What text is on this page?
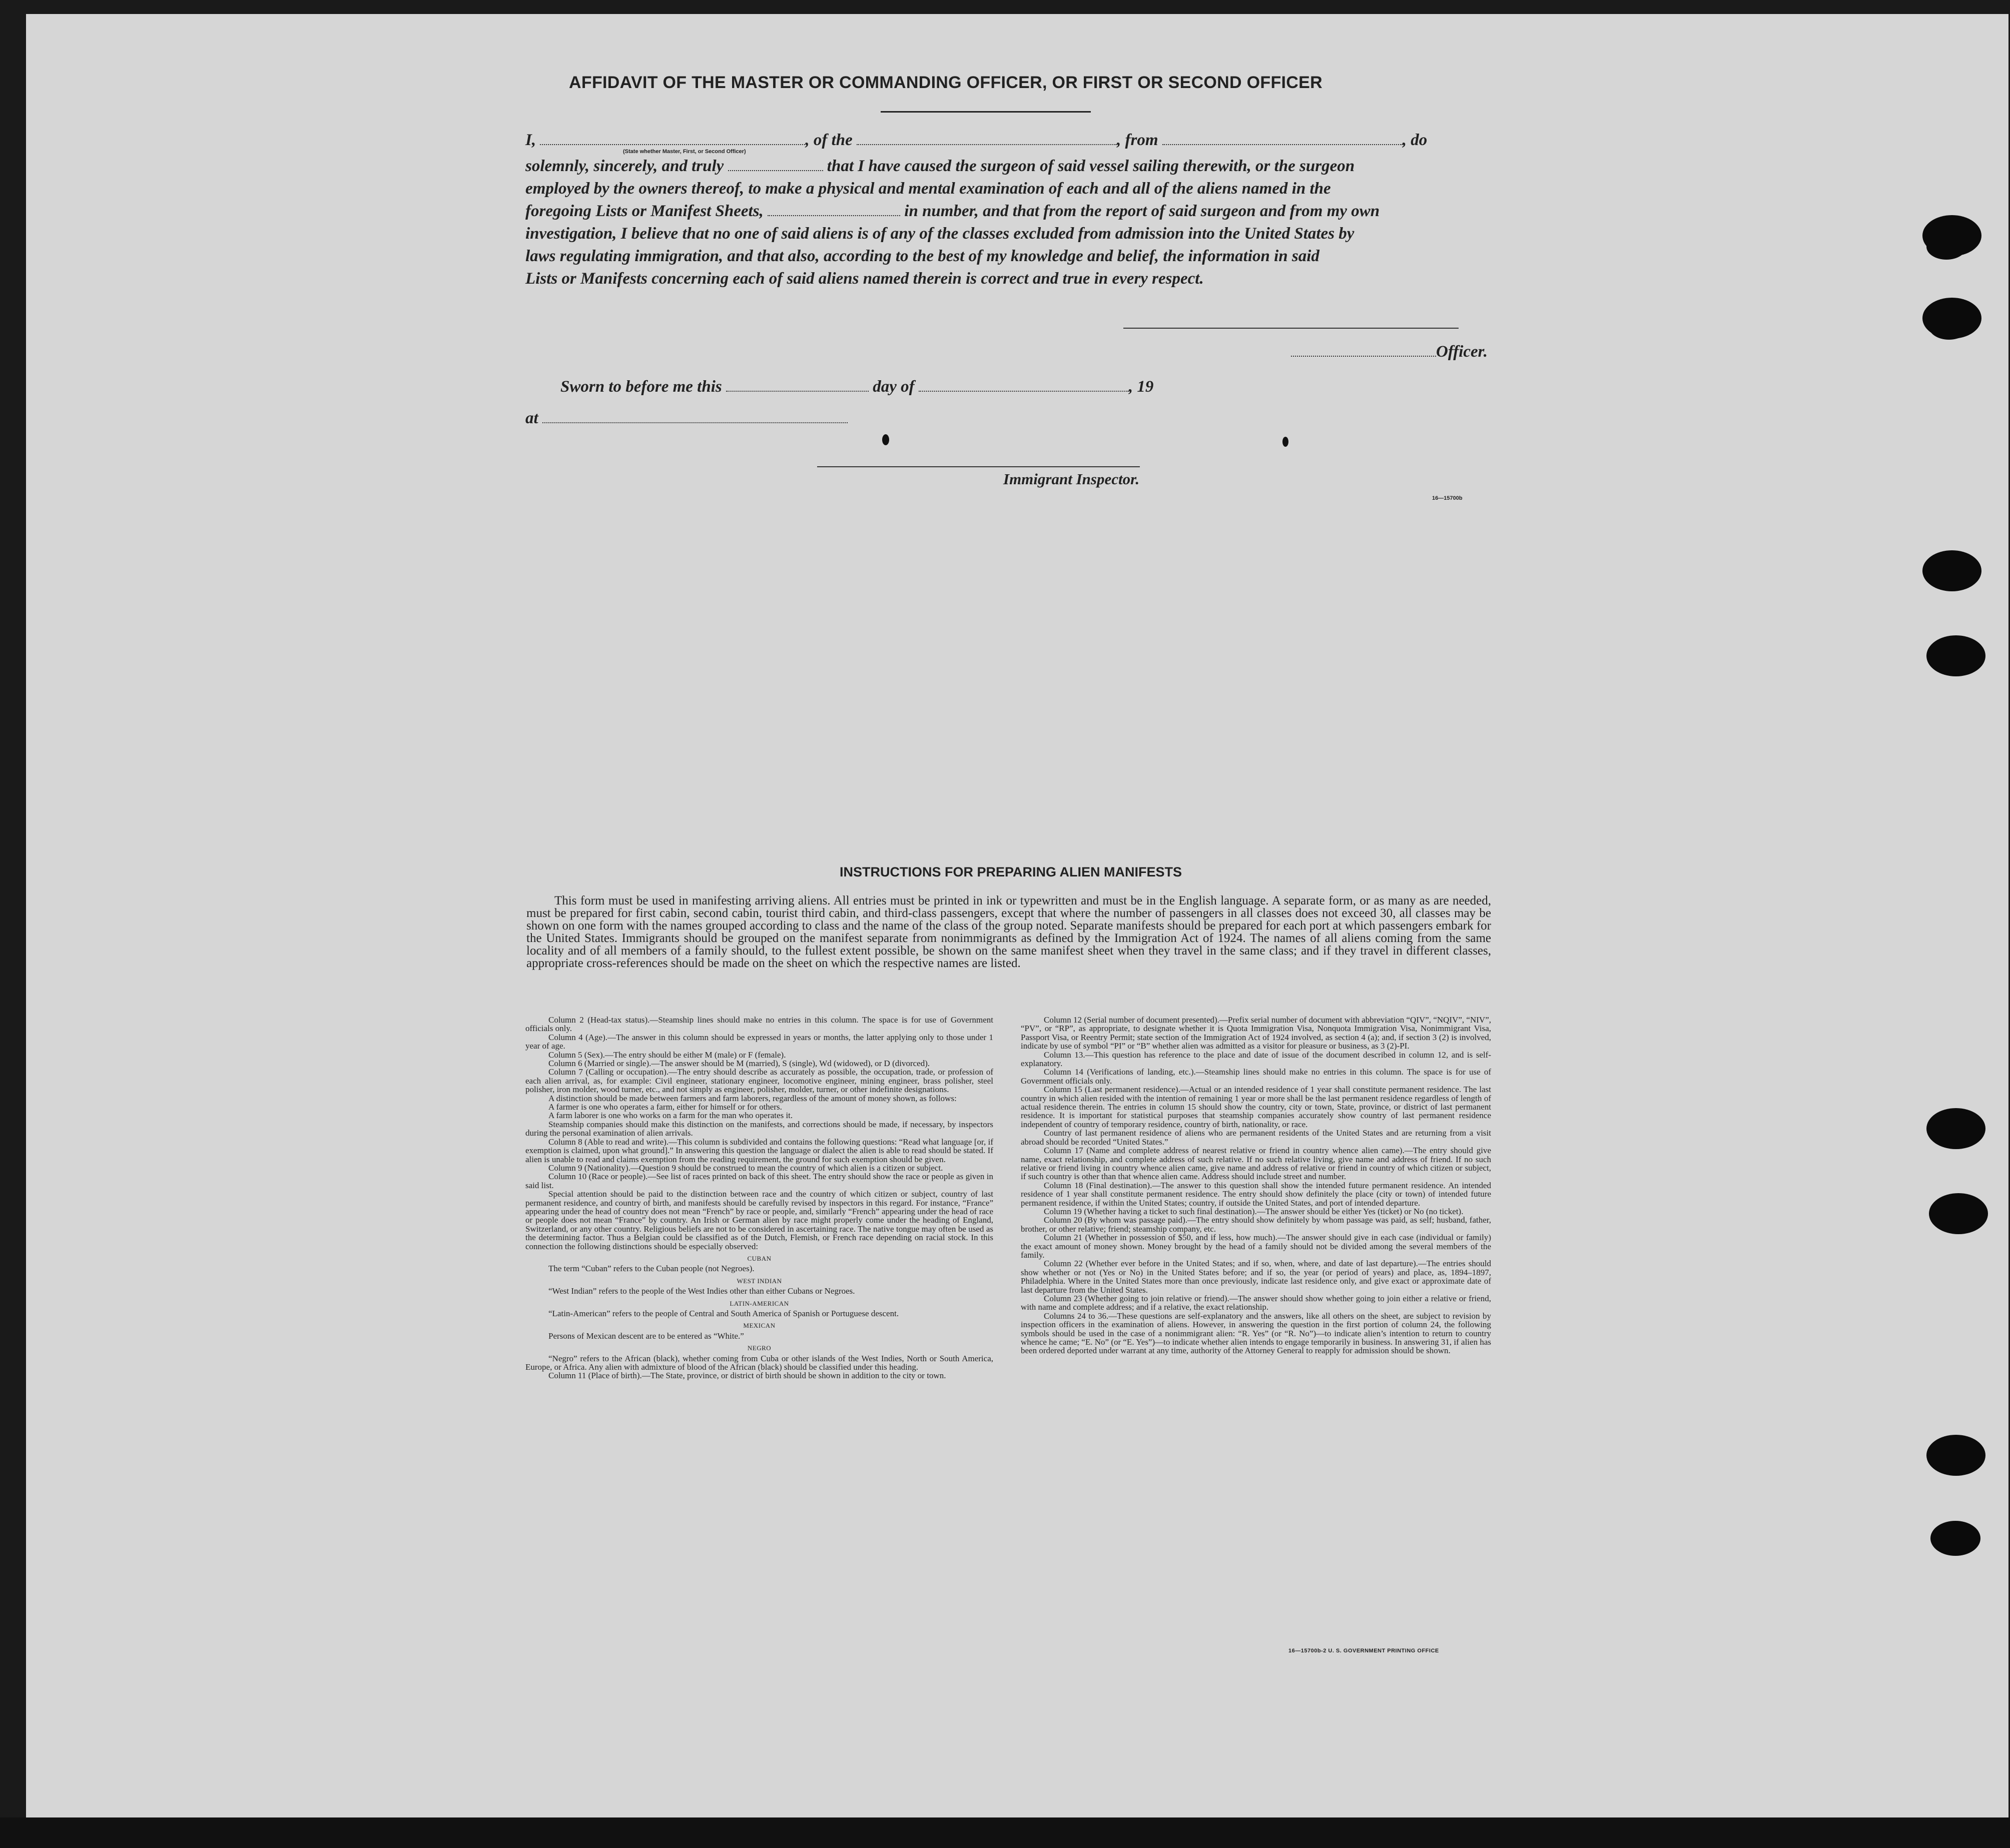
AFFIDAVIT OF THE MASTER OR COMMANDING OFFICER, OR FIRST OR SECOND OFFICER
I,	, of the	, from	, do
(State whether Master, First, or Second Officer)
solemnly, sincerely, and truly	that I have caused the surgeon of said vessel sailing therewith, or the surgeon
employed by the owners thereof, to make a physical and mental examination of each and all of the aliens named in the
foregoing Lists or Manifest Sheets,	in number, and that from the report of said surgeon and from my own
investigation, I believe that no one of said aliens is of any of the classes excluded from admission into the United States by
laws regulating immigration, and that also, according to the best of my knowledge and belief, the information in said
Lists or Manifests concerning each of said aliens named therein is correct and true in every respect.
Officer.
Sworn to before me this	day of	, 19
at
Immigrant Inspector.
16—15700b
INSTRUCTIONS FOR PREPARING ALIEN MANIFESTS

This form must be used in manifesting arriving aliens. All entries must be printed in ink or typewritten and must be in the English language. A separate form, or as many as are needed, must be prepared for first cabin, second cabin, tourist third cabin, and third-class passengers, except that where the number of passengers in all classes does not exceed 30, all classes may be shown on one form with the names grouped according to class and the name of the class of the group noted. Separate manifests should be prepared for each port at which passengers embark for the United States. Immigrants should be grouped on the manifest separate from nonimmigrants as defined by the Immigration Act of 1924. The names of all aliens coming from the same locality and of all members of a family should, to the fullest extent possible, be shown on the same manifest sheet when they travel in the same class; and if they travel in different classes, appropriate cross-references should be made on the sheet on which the respective names are listed.

Column 2 (Head-tax status).—Steamship lines should make no entries in this column. The space is for use of Government officials only.

Column 4 (Age).—The answer in this column should be expressed in years or months, the latter applying only to those under 1 year of age.

Column 5 (Sex).—The entry should be either M (male) or F (female).

Column 6 (Married or single).—The answer should be M (married), S (single), Wd (widowed), or D (divorced).

Column 7 (Calling or occupation).—The entry should describe as accurately as possible, the occupation, trade, or profession of each alien arrival, as, for example: Civil engineer, stationary engineer, locomotive engineer, mining engineer, brass polisher, steel polisher, iron molder, wood turner, etc., and not simply as engineer, polisher, molder, turner, or other indefinite designations.

A distinction should be made between farmers and farm laborers, regardless of the amount of money shown, as follows:

A farmer is one who operates a farm, either for himself or for others.

A farm laborer is one who works on a farm for the man who operates it.

Steamship companies should make this distinction on the manifests, and corrections should be made, if necessary, by inspectors during the personal examination of alien arrivals.

Column 8 (Able to read and write).—This column is subdivided and contains the following questions: “Read what language [or, if exemption is claimed, upon what ground].” In answering this question the language or dialect the alien is able to read should be stated. If alien is unable to read and claims exemption from the reading requirement, the ground for such exemption should be given.

Column 9 (Nationality).—Question 9 should be construed to mean the country of which alien is a citizen or subject.

Column 10 (Race or people).—See list of races printed on back of this sheet. The entry should show the race or people as given in said list.

Special attention should be paid to the distinction between race and the country of which citizen or subject, country of last permanent residence, and country of birth, and manifests should be carefully revised by inspectors in this regard. For instance, “France” appearing under the head of country does not mean “French” by race or people, and, similarly “French” appearing under the head of race or people does not mean “France” by country. An Irish or German alien by race might properly come under the heading of England, Switzerland, or any other country. Religious beliefs are not to be considered in ascertaining race. The native tongue may often be used as the determining factor. Thus a Belgian could be classified as of the Dutch, Flemish, or French race depending on racial stock. In this connection the following distinctions should be especially observed:

CUBAN

The term “Cuban” refers to the Cuban people (not Negroes).

WEST INDIAN

“West Indian” refers to the people of the West Indies other than either Cubans or Negroes.

LATIN-AMERICAN

“Latin-American” refers to the people of Central and South America of Spanish or Portuguese descent.

MEXICAN

Persons of Mexican descent are to be entered as “White.”

NEGRO

“Negro” refers to the African (black), whether coming from Cuba or other islands of the West Indies, North or South America, Europe, or Africa. Any alien with admixture of blood of the African (black) should be classified under this heading.

Column 11 (Place of birth).—The State, province, or district of birth should be shown in addition to the city or town.

Column 12 (Serial number of document presented).—Prefix serial number of document with abbreviation “QIV”, “NQIV”, “NIV”, “PV”, or “RP”, as appropriate, to designate whether it is Quota Immigration Visa, Nonquota Immigration Visa, Nonimmigrant Visa, Passport Visa, or Reentry Permit; state section of the Immigration Act of 1924 involved, as section 4 (a); and, if section 3 (2) is involved, indicate by use of symbol “PI” or “B” whether alien was admitted as a visitor for pleasure or business, as 3 (2)-PI.

Column 13.—This question has reference to the place and date of issue of the document described in column 12, and is self-explanatory.

Column 14 (Verifications of landing, etc.).—Steamship lines should make no entries in this column. The space is for use of Government officials only.

Column 15 (Last permanent residence).—Actual or an intended residence of 1 year shall constitute permanent residence. The last country in which alien resided with the intention of remaining 1 year or more shall be the last permanent residence regardless of length of actual residence therein. The entries in column 15 should show the country, city or town, State, province, or district of last permanent residence. It is important for statistical purposes that steamship companies accurately show country of last permanent residence independent of country of temporary residence, country of birth, nationality, or race.

Country of last permanent residence of aliens who are permanent residents of the United States and are returning from a visit abroad should be recorded “United States.”

Column 17 (Name and complete address of nearest relative or friend in country whence alien came).—The entry should give name, exact relationship, and complete address of such relative. If no such relative living, give name and address of friend. If no such relative or friend living in country whence alien came, give name and address of relative or friend in country of which citizen or subject, if such country is other than that whence alien came. Address should include street and number.

Column 18 (Final destination).—The answer to this question shall show the intended future permanent residence. An intended residence of 1 year shall constitute permanent residence. The entry should show definitely the place (city or town) of intended future permanent residence, if within the United States; country, if outside the United States, and port of intended departure.

Column 19 (Whether having a ticket to such final destination).—The answer should be either Yes (ticket) or No (no ticket).

Column 20 (By whom was passage paid).—The entry should show definitely by whom passage was paid, as self; husband, father, brother, or other relative; friend; steamship company, etc.

Column 21 (Whether in possession of $50, and if less, how much).—The answer should give in each case (individual or family) the exact amount of money shown. Money brought by the head of a family should not be divided among the several members of the family.

Column 22 (Whether ever before in the United States; and if so, when, where, and date of last departure).—The entries should show whether or not (Yes or No) in the United States before; and if so, the year (or period of years) and place, as, 1894–1897, Philadelphia. Where in the United States more than once previously, indicate last residence only, and give exact or approximate date of last departure from the United States.

Column 23 (Whether going to join relative or friend).—The answer should show whether going to join either a relative or friend, with name and complete address; and if a relative, the exact relationship.

Columns 24 to 36.—These questions are self-explanatory and the answers, like all others on the sheet, are subject to revision by inspection officers in the examination of aliens. However, in answering the question in the first portion of column 24, the following symbols should be used in the case of a nonimmigrant alien: “R. Yes” (or “R. No”)—to indicate alien’s intention to return to country whence he came; “E. No” (or “E. Yes”)—to indicate whether alien intends to engage temporarily in business. In answering 31, if alien has been ordered deported under warrant at any time, authority of the Attorney General to reapply for admission should be shown.

16—15700b-2 U. S. GOVERNMENT PRINTING OFFICE
